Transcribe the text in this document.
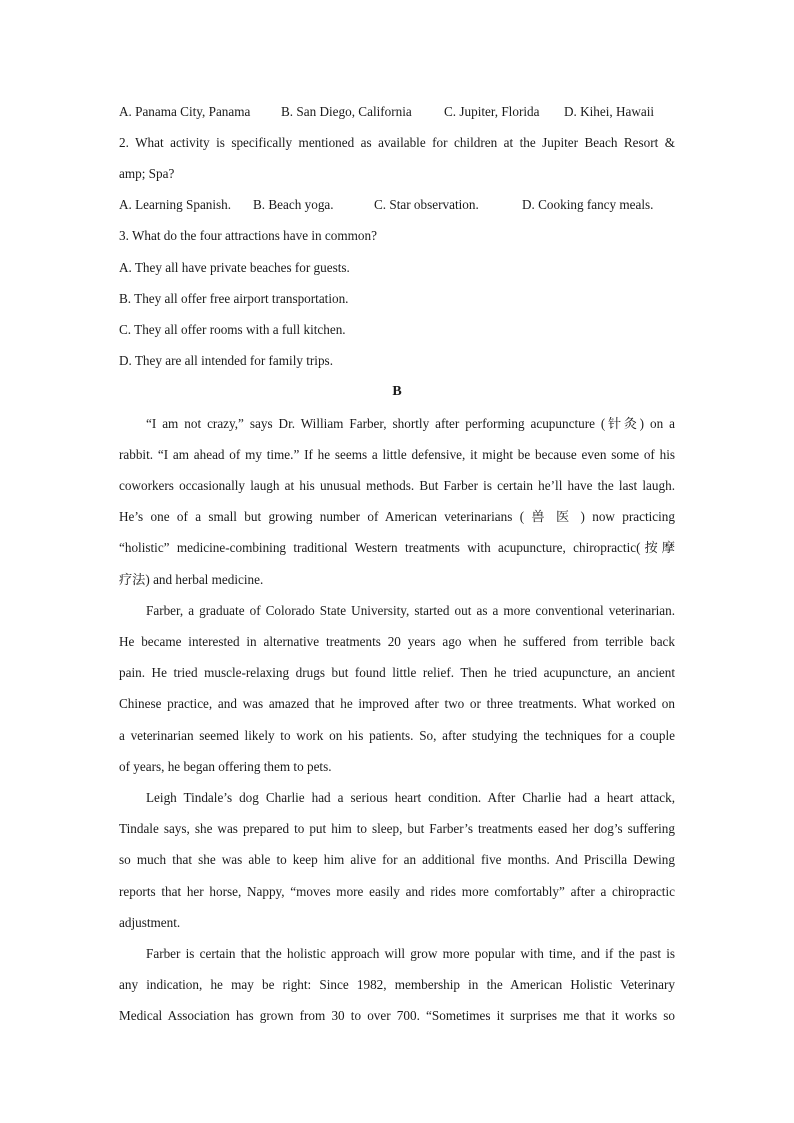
A. Panama City, Panama B. San Diego, California C. Jupiter, Florida D. Kihei, Hawaii
2. What activity is specifically mentioned as available for children at the Jupiter Beach Resort &
amp; Spa?
A. Learning Spanish. B. Beach yoga.	C. Star observation.	D. Cooking fancy meals.
3. What do the four attractions have in common?
A. They all have private beaches for guests.
B. They all offer free airport transportation.
C. They all offer rooms with a full kitchen.
D. They are all intended for family trips.
B
“I am not crazy,” says Dr. William Farber, shortly after performing acupuncture (针灸) on a
rabbit. “I am ahead of my time.” If he seems a little defensive, it might be because even some of his
coworkers occasionally laugh at his unusual methods. But Farber is certain he’ll have the last laugh.
He’s one of a small but growing number of American veterinarians ( 兽 医 ) now practicing
“holistic” medicine-combining traditional Western treatments with acupuncture, chiropractic(按摩
疗法) and herbal medicine.
Farber, a graduate of Colorado State University, started out as a more conventional veterinarian.
He became interested in alternative treatments 20 years ago when he suffered from terrible back
pain. He tried muscle-relaxing drugs but found little relief. Then he tried acupuncture, an ancient
Chinese practice, and was amazed that he improved after two or three treatments. What worked on
a veterinarian seemed likely to work on his patients. So, after studying the techniques for a couple
of years, he began offering them to pets.
Leigh Tindale’s dog Charlie had a serious heart condition. After Charlie had a heart attack,
Tindale says, she was prepared to put him to sleep, but Farber’s treatments eased her dog’s suffering
so much that she was able to keep him alive for an additional five months. And Priscilla Dewing
reports that her horse, Nappy, “moves more easily and rides more comfortably” after a chiropractic
adjustment.
Farber is certain that the holistic approach will grow more popular with time, and if the past is
any indication, he may be right: Since 1982, membership in the American Holistic Veterinary
Medical Association has grown from 30 to over 700. “Sometimes it surprises me that it works so
